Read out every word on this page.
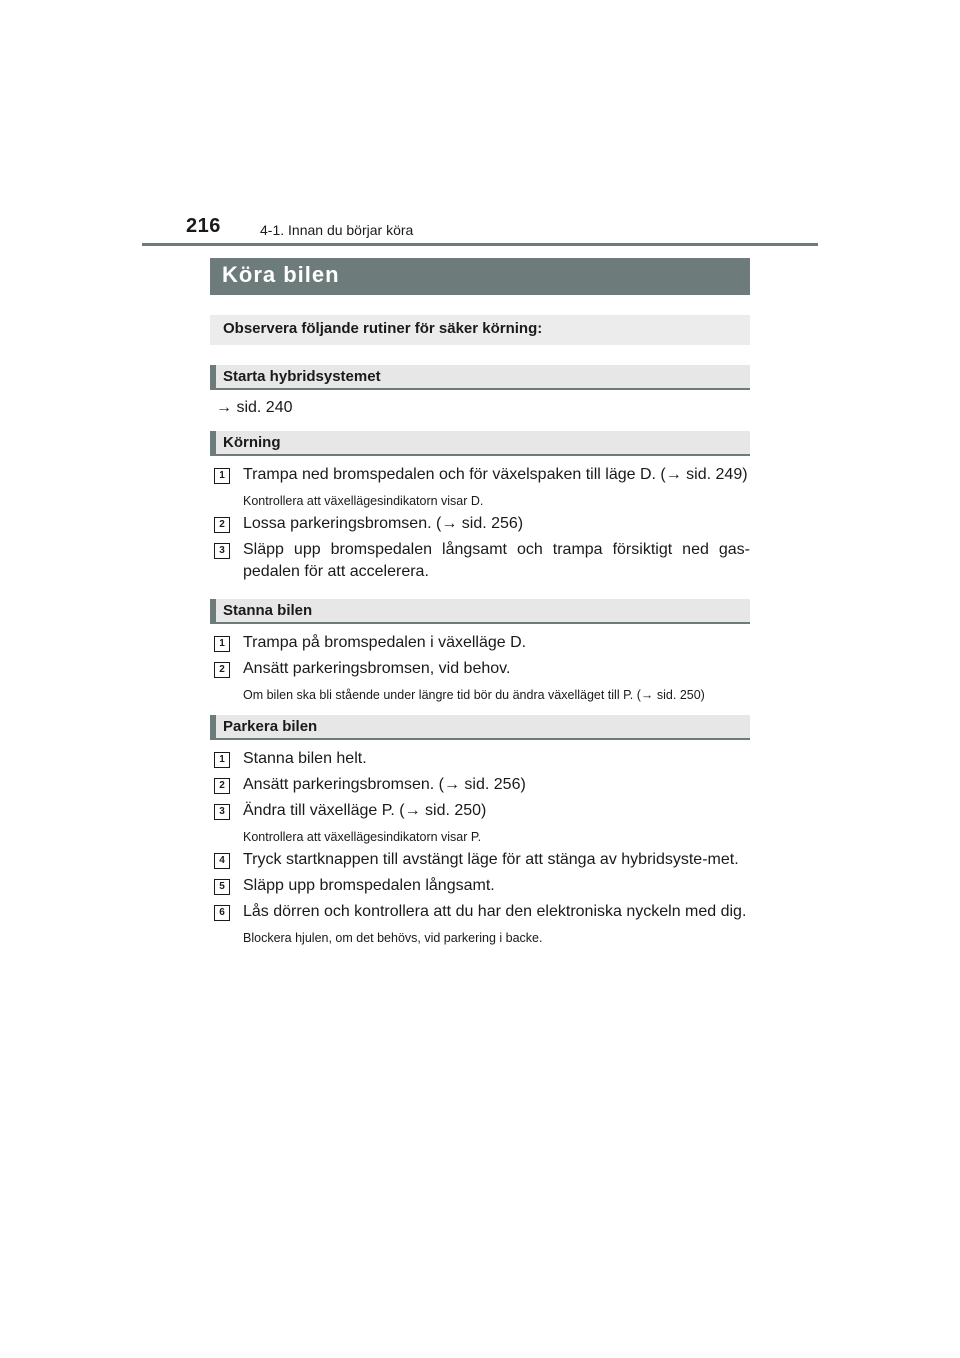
216	4-1. Innan du börjar köra
Köra bilen
Observera följande rutiner för säker körning:
Starta hybridsystemet
→ sid. 240
Körning
1	Trampa ned bromspedalen och för växelspaken till läge D. (→ sid. 249)
Kontrollera att växellägesindikatorn visar D.
2	Lossa parkeringsbromsen. (→ sid. 256)
3	Släpp upp bromspedalen långsamt och trampa försiktigt ned gas-pedalen för att accelerera.
Stanna bilen
1	Trampa på bromspedalen i växelläge D.
2	Ansätt parkeringsbromsen, vid behov.
Om bilen ska bli stående under längre tid bör du ändra växelläget till P. (→ sid. 250)
Parkera bilen
1	Stanna bilen helt.
2	Ansätt parkeringsbromsen. (→ sid. 256)
3	Ändra till växelläge P. (→ sid. 250)
Kontrollera att växellägesindikatorn visar P.
4	Tryck startknappen till avstängt läge för att stänga av hybridsyste-met.
5	Släpp upp bromspedalen långsamt.
6	Lås dörren och kontrollera att du har den elektroniska nyckeln med dig.
Blockera hjulen, om det behövs, vid parkering i backe.
